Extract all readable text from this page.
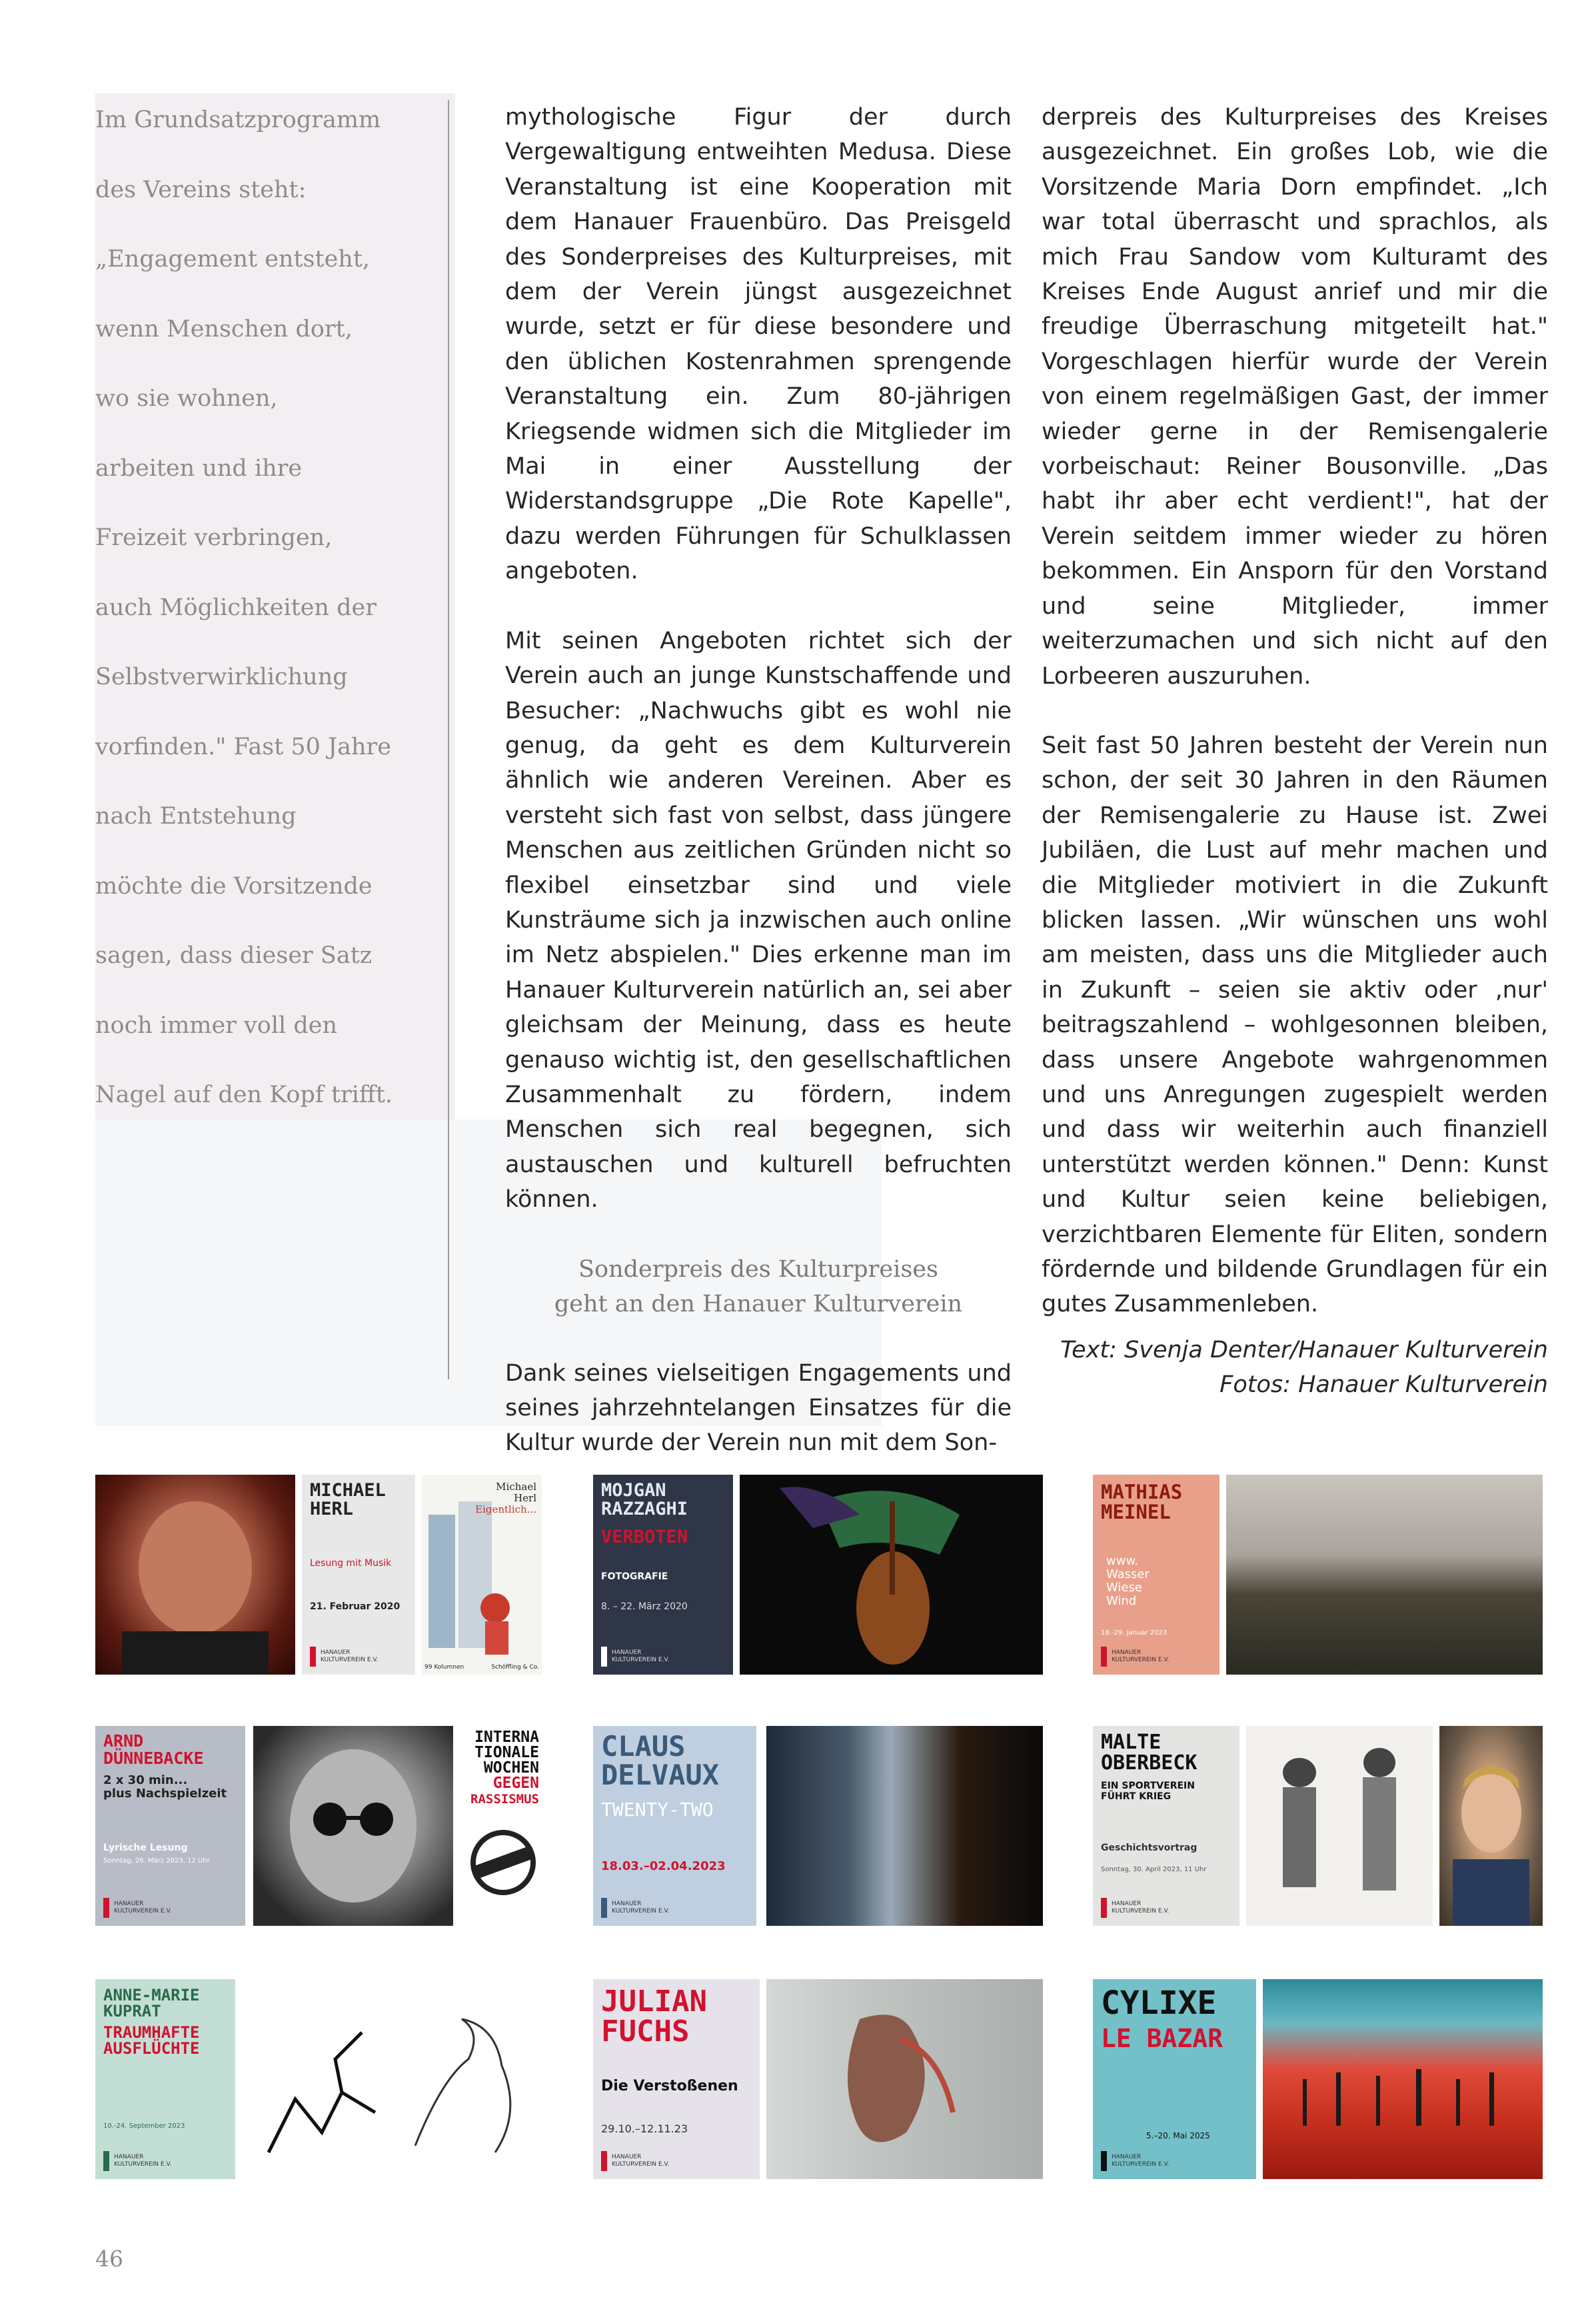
Im Grundsatzprogramm
des Vereins steht:
„Engagement entsteht,
wenn Menschen dort,
wo sie wohnen,
arbeiten und ihre
Freizeit verbringen,
auch Möglichkeiten der
Selbstverwirklichung
vorfinden." Fast 50 Jahre
nach Entstehung
möchte die Vorsitzende
sagen, dass dieser Satz
noch immer voll den
Nagel auf den Kopf trifft.

mythologische Figur der durch Vergewaltigung entweihten Medusa. Diese Veranstaltung ist eine Kooperation mit dem Hanauer Frauenbüro. Das Preisgeld des Sonderpreises des Kulturpreises, mit dem der Verein jüngst ausgezeichnet wurde, setzt er für diese besondere und den üblichen Kostenrahmen sprengende Veranstaltung ein. Zum 80-jährigen Kriegsende widmen sich die Mitglieder im Mai in einer Ausstellung der Widerstandsgruppe „Die Rote Kapelle", dazu werden Führungen für Schulklassen angeboten.

Mit seinen Angeboten richtet sich der Verein auch an junge Kunstschaffende und Besucher: „Nachwuchs gibt es wohl nie genug, da geht es dem Kulturverein ähnlich wie anderen Vereinen. Aber es versteht sich fast von selbst, dass jüngere Menschen aus zeitlichen Gründen nicht so flexibel einsetzbar sind und viele Kunsträume sich ja inzwischen auch online im Netz abspielen." Dies erkenne man im Hanauer Kulturverein natürlich an, sei aber gleichsam der Meinung, dass es heute genauso wichtig ist, den gesellschaftlichen Zusammenhalt zu fördern, indem Menschen sich real begegnen, sich austauschen und kulturell befruchten können.

Sonderpreis des Kulturpreises
geht an den Hanauer Kulturverein

Dank seines vielseitigen Engagements und seines jahrzehntelangen Einsatzes für die Kultur wurde der Verein nun mit dem Son-

derpreis des Kulturpreises des Kreises ausgezeichnet. Ein großes Lob, wie die Vorsitzende Maria Dorn empfindet. „Ich war total überrascht und sprachlos, als mich Frau Sandow vom Kulturamt des Kreises Ende August anrief und mir die freudige Überraschung mitgeteilt hat." Vorgeschlagen hierfür wurde der Verein von einem regelmäßigen Gast, der immer wieder gerne in der Remisengalerie vorbeischaut: Reiner Bousonville. „Das habt ihr aber echt verdient!", hat der Verein seitdem immer wieder zu hören bekommen. Ein Ansporn für den Vorstand und seine Mitglieder, immer weiterzumachen und sich nicht auf den Lorbeeren auszuruhen.

Seit fast 50 Jahren besteht der Verein nun schon, der seit 30 Jahren in den Räumen der Remisengalerie zu Hause ist. Zwei Jubiläen, die Lust auf mehr machen und die Mitglieder motiviert in die Zukunft blicken lassen. „Wir wünschen uns wohl am meisten, dass uns die Mitglieder auch in Zukunft – seien sie aktiv oder ‚nur' beitragszahlend – wohlgesonnen bleiben, dass unsere Angebote wahrgenommen und uns Anregungen zugespielt werden und dass wir weiterhin auch finanziell unterstützt werden können." Denn: Kunst und Kultur seien keine beliebigen, verzichtbaren Elemente für Eliten, sondern fördernde und bildende Grundlagen für ein gutes Zusammenleben.

Text: Svenja Denter/Hanauer Kulturverein
Fotos: Hanauer Kulturverein
MICHAEL
HERL
Lesung mit Musik
21. Februar 2020
HANAUER
KULTURVEREIN E.V.
Michael
Herl
Eigentlich...
99 Kolumnen	Schöffling & Co.
MOJGAN
RAZZAGHI
VERBOTEN
FOTOGRAFIE
8. – 22. März 2020
HANAUER
KULTURVEREIN E.V.
MATHIAS
MEINEL
www.
Wasser
Wiese
Wind
18.-29. Januar 2023
HANAUER
KULTURVEREIN E.V.
ARND
DÜNNEBACKE
2 x 30 min...
plus Nachspielzeit
Lyrische Lesung
Sonntag, 26. März 2023, 12 Uhr
HANAUER
KULTURVEREIN E.V.
INTERNA
TIONALE
WOCHEN
GEGEN
RASSISMUS
CLAUS
DELVAUX
TWENTY-TWO
18.03.–02.04.2023
HANAUER
KULTURVEREIN E.V.
MALTE
OBERBECK
EIN SPORTVEREIN
FÜHRT KRIEG
Geschichtsvortrag
Sonntag, 30. April 2023, 11 Uhr
HANAUER
KULTURVEREIN E.V.
ANNE-MARIE
KUPRAT
TRAUMHAFTE
AUSFLÜCHTE
10.-24. September 2023
HANAUER
KULTURVEREIN E.V.
JULIAN
FUCHS
Die Verstoßenen
29.10.–12.11.23
HANAUER
KULTURVEREIN E.V.
CYLIXE
LE BAZAR
5.–20. Mai 2025
HANAUER
KULTURVEREIN E.V.
46
